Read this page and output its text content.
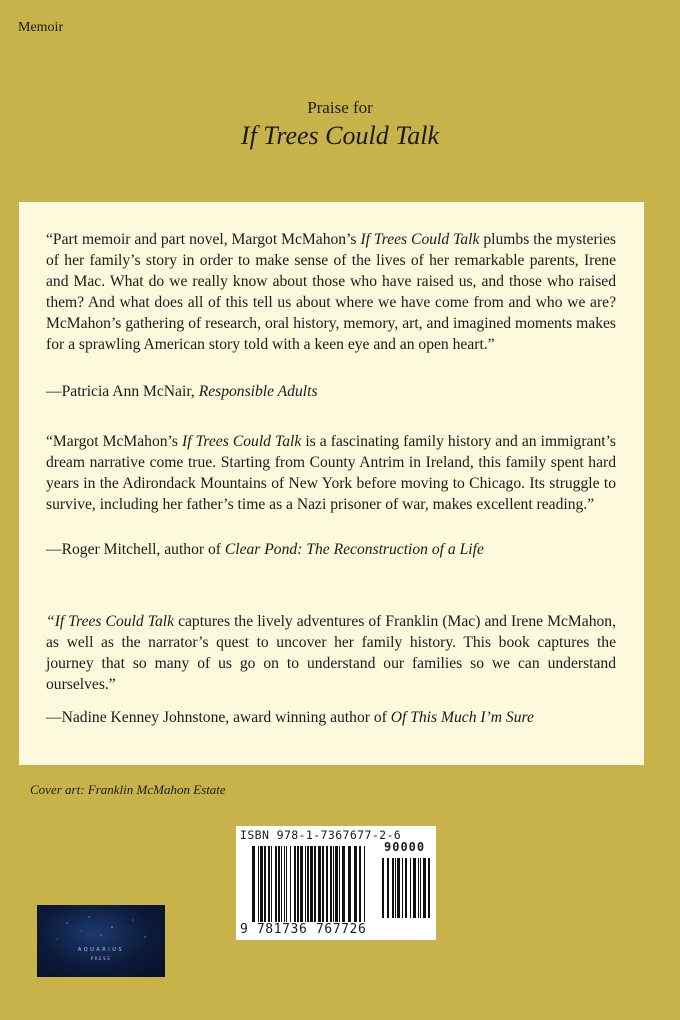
Memoir
Praise for
If Trees Could Talk
“Part memoir and part novel, Margot McMahon’s If Trees Could Talk plumbs the mysteries of her family’s story in order to make sense of the lives of her remarkable parents, Irene and Mac. What do we really know about those who have raised us, and those who raised them? And what does all of this tell us about where we have come from and who we are? McMahon’s gathering of research, oral history, memory, art, and imagined moments makes for a sprawling American story told with a keen eye and an open heart.”
—Patricia Ann McNair, Responsible Adults
“Margot McMahon’s If Trees Could Talk is a fascinating family history and an immigrant’s dream narrative come true. Starting from County Antrim in Ireland, this family spent hard years in the Adirondack Mountains of New York before moving to Chicago. Its struggle to survive, including her father’s time as a Nazi prisoner of war, makes excellent reading.”
—Roger Mitchell, author of Clear Pond: The Reconstruction of a Life
“If Trees Could Talk captures the lively adventures of Franklin (Mac) and Irene McMahon, as well as the narrator’s quest to uncover her family history. This book captures the journey that so many of us go on to understand our families so we can understand ourselves.”
—Nadine Kenney Johnstone, award winning author of Of This Much I’m Sure
Cover art: Franklin McMahon Estate
ISBN 978-1-7367677-2-6
90000
9 781736 767726
AQUARIUS
PRESS
